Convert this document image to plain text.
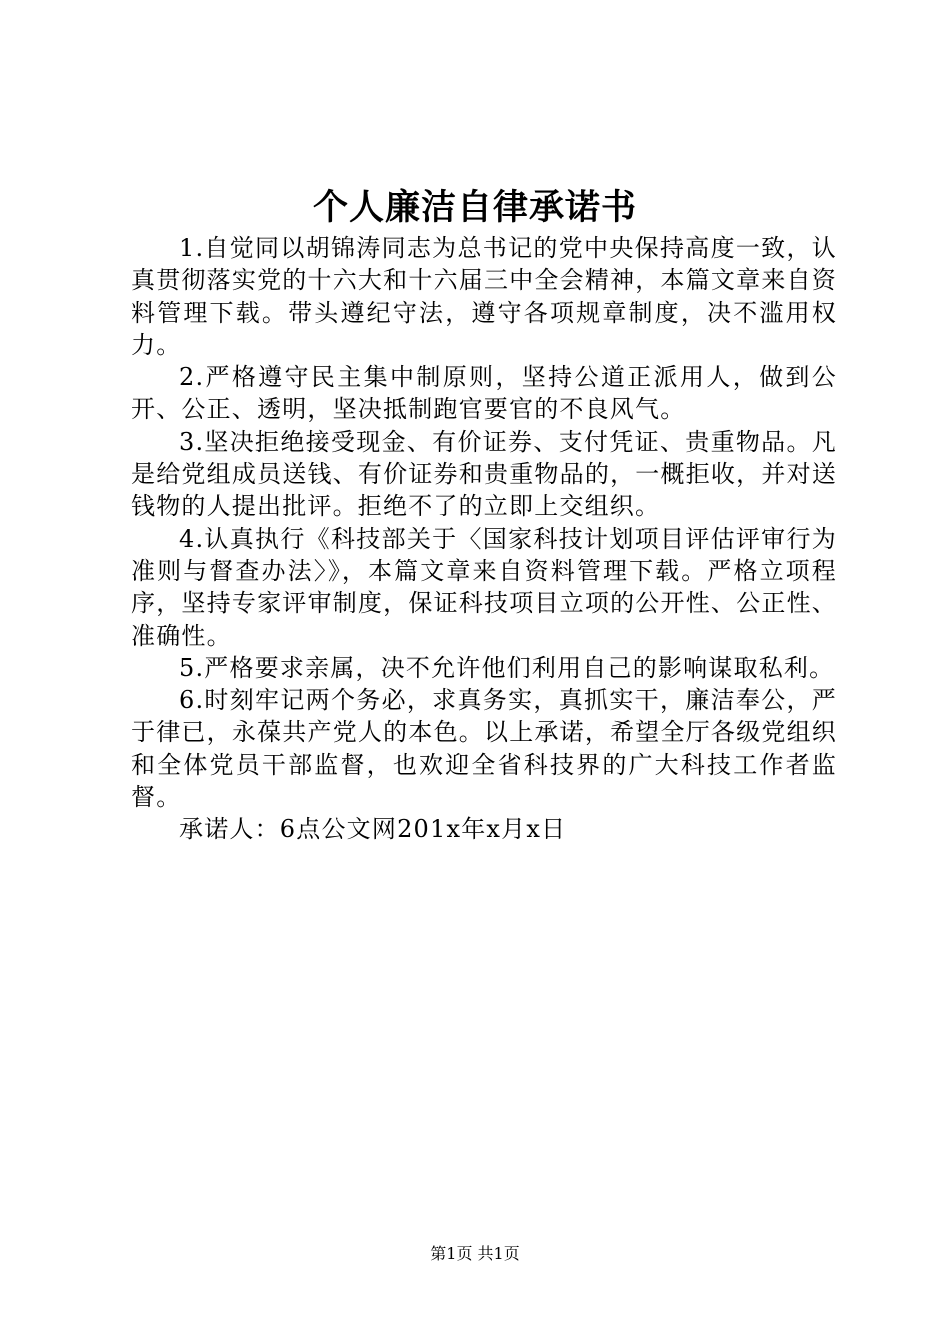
个人廉洁自律承诺书

1.自觉同以胡锦涛同志为总书记的党中央保持高度一致，认真贯彻落实党的十六大和十六届三中全会精神，本篇文章来自资料管理下载。带头遵纪守法，遵守各项规章制度，决不滥用权力。

2.严格遵守民主集中制原则，坚持公道正派用人，做到公开、公正、透明，坚决抵制跑官要官的不良风气。

3.坚决拒绝接受现金、有价证券、支付凭证、贵重物品。凡是给党组成员送钱、有价证券和贵重物品的，一概拒收，并对送钱物的人提出批评。拒绝不了的立即上交组织。

4.认真执行《科技部关于〈国家科技计划项目评估评审行为准则与督查办法〉》，本篇文章来自资料管理下载。严格立项程序，坚持专家评审制度，保证科技项目立项的公开性、公正性、准确性。

5.严格要求亲属，决不允许他们利用自己的影响谋取私利。

6.时刻牢记两个务必，求真务实，真抓实干，廉洁奉公，严于律已，永葆共产党人的本色。以上承诺，希望全厅各级党组织和全体党员干部监督，也欢迎全省科技界的广大科技工作者监督。

承诺人：6点公文网201x年x月x日

第1页 共1页
